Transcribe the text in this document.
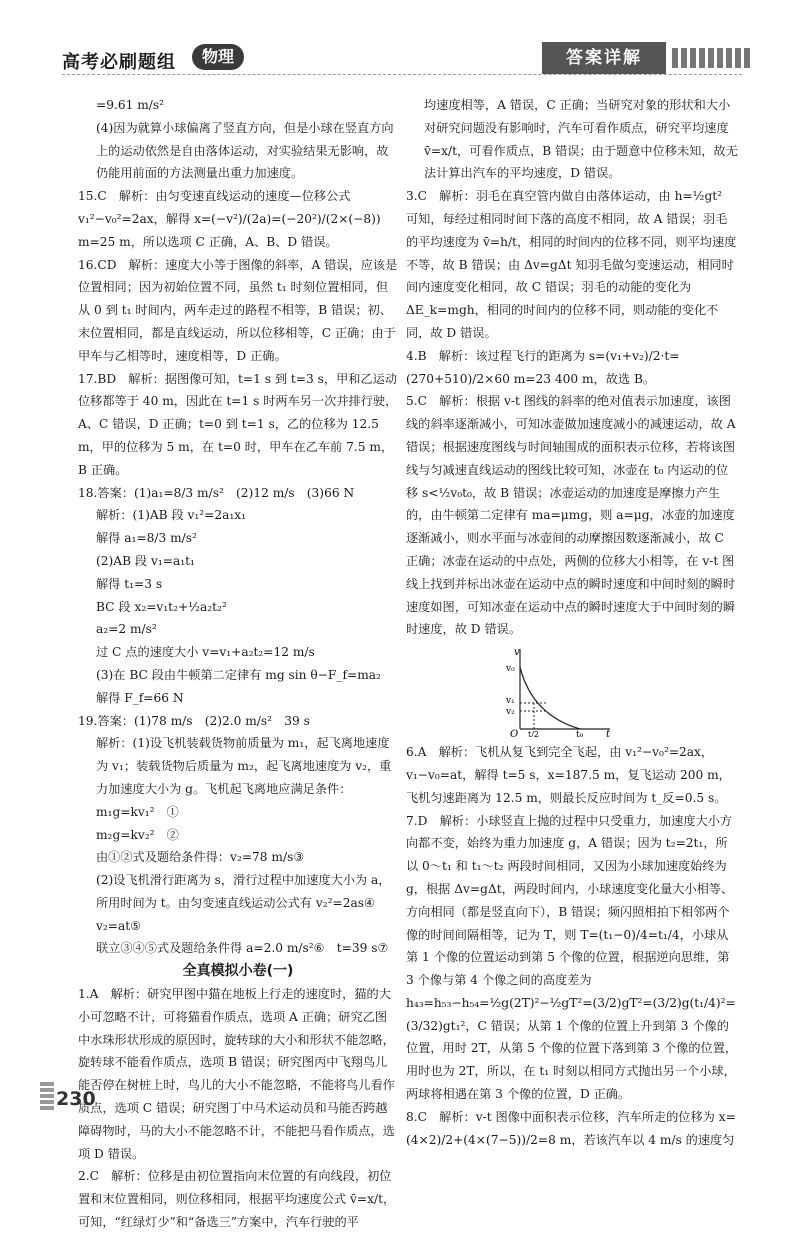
高考必刷题组	物理	答案详解

=9.61 m/s²

(4)因为就算小球偏离了竖直方向，但是小球在竖直方向上的运动依然是自由落体运动，对实验结果无影响，故仍能用前面的方法测量出重力加速度。

15.C　解析：由匀变速直线运动的速度—位移公式 v₁²−v₀²=2ax，解得 x=(−v²)/(2a)=(−20²)/(2×(−8)) m=25 m，所以选项 C 正确，A、B、D 错误。

16.CD　解析：速度大小等于图像的斜率，A 错误，应该是位置相同；因为初始位置不同，虽然 t₁ 时刻位置相同，但从 0 到 t₁ 时间内，两车走过的路程不相等，B 错误；初、末位置相同，都是直线运动，所以位移相等，C 正确；由于甲车与乙相等时，速度相等，D 正确。

17.BD　解析：据图像可知，t=1 s 到 t=3 s，甲和乙运动位移都等于 40 m，因此在 t=1 s 时两车另一次并排行驶，A、C 错误，D 正确；t=0 到 t=1 s，乙的位移为 12.5 m，甲的位移为 5 m，在 t=0 时，甲车在乙车前 7.5 m，B 正确。

18.答案：(1)a₁=8/3 m/s²　(2)12 m/s　(3)66 N

解析：(1)AB 段 v₁²=2a₁x₁

解得 a₁=8/3 m/s²

(2)AB 段 v₁=a₁t₁

解得 t₁=3 s

BC 段 x₂=v₁t₂+½a₂t₂²

a₂=2 m/s²

过 C 点的速度大小 v=v₁+a₂t₂=12 m/s

(3)在 BC 段由牛顿第二定律有 mg sin θ−F_f=ma₂

解得 F_f=66 N

19.答案：(1)78 m/s　(2)2.0 m/s²　39 s

解析：(1)设飞机装载货物前质量为 m₁，起飞离地速度为 v₁；装载货物后质量为 m₂，起飞离地速度为 v₂，重力加速度大小为 g。飞机起飞离地应满足条件：

m₁g=kv₁²　①

m₂g=kv₂²　②

由①②式及题给条件得：v₂=78 m/s③

(2)设飞机滑行距离为 s，滑行过程中加速度大小为 a，所用时间为 t。由匀变速直线运动公式有 v₂²=2as④

v₂=at⑤

联立③④⑤式及题给条件得 a=2.0 m/s²⑥　t=39 s⑦

全真模拟小卷(一)

1.A　解析：研究甲图中猫在地板上行走的速度时，猫的大小可忽略不计，可将猫看作质点，选项 A 正确；研究乙图中水珠形状形成的原因时，旋转球的大小和形状不能忽略，旋转球不能看作质点，选项 B 错误；研究图丙中飞翔鸟儿能否停在树桩上时，鸟儿的大小不能忽略，不能将鸟儿看作质点，选项 C 错误；研究图丁中马术运动员和马能否跨越障碍物时，马的大小不能忽略不计，不能把马看作质点，选项 D 错误。

2.C　解析：位移是由初位置指向末位置的有向线段，初位置和末位置相同，则位移相同，根据平均速度公式 v̄=x/t，可知，“红绿灯少”和“备选三”方案中，汽车行驶的平

均速度相等，A 错误，C 正确；当研究对象的形状和大小对研究问题没有影响时，汽车可看作质点，研究平均速度 v̄=x/t，可看作质点，B 错误；由于题意中位移未知，故无法计算出汽车的平均速度，D 错误。

3.C　解析：羽毛在真空管内做自由落体运动，由 h=½gt² 可知，每经过相同时间下落的高度不相同，故 A 错误；羽毛的平均速度为 v̄=h/t，相同的时间内的位移不同，则平均速度不等，故 B 错误；由 Δv=gΔt 知羽毛做匀变速运动，相同时间内速度变化相同，故 C 错误；羽毛的动能的变化为 ΔE_k=mgh，相同的时间内的位移不同，则动能的变化不同，故 D 错误。

4.B　解析：该过程飞行的距离为 s=(v₁+v₂)/2·t=(270+510)/2×60 m=23 400 m，故选 B。

5.C　解析：根据 v-t 图线的斜率的绝对值表示加速度，该图线的斜率逐渐减小，可知冰壶做加速度减小的减速运动，故 A 错误；根据速度图线与时间轴围成的面积表示位移，若将该图线与匀减速直线运动的图线比较可知，冰壶在 t₀ 内运动的位移 s<½v₀t₀，故 B 错误；冰壶运动的加速度是摩擦力产生的，由牛顿第二定律有 ma=μmg，则 a=μg，冰壶的加速度逐渐减小，则水平面与冰壶间的动摩擦因数逐渐减小，故 C 正确；冰壶在运动的中点处，两侧的位移大小相等，在 v-t 图线上找到并标出冰壶在运动中点的瞬时速度和中间时刻的瞬时速度如图，可知冰壶在运动中点的瞬时速度大于中间时刻的瞬时速度，故 D 错误。

v
t
O
v₀
v₁
v₂
t/2	t₀

6.A　解析：飞机从复飞到完全飞起，由 v₁²−v₀²=2ax，v₁−v₀=at，解得 t=5 s，x=187.5 m，复飞运动 200 m，飞机匀速距离为 12.5 m，则最长反应时间为 t_反=0.5 s。

7.D　解析：小球竖直上抛的过程中只受重力，加速度大小方向都不变，始终为重力加速度 g，A 错误；因为 t₂=2t₁，所以 0～t₁ 和 t₁～t₂ 两段时间相同，又因为小球加速度始终为 g，根据 Δv=gΔt，两段时间内，小球速度变化量大小相等、方向相同（都是竖直向下），B 错误；频闪照相拍下相邻两个像的时间间隔相等，记为 T，则 T=(t₁−0)/4=t₁/4，小球从第 1 个像的位置运动到第 5 个像的位置，根据逆向思维，第 3 个像与第 4 个像之间的高度差为 h₄₃=h₅₃−h₅₄=½g(2T)²−½gT²=(3/2)gT²=(3/2)g(t₁/4)²=(3/32)gt₁²，C 错误；从第 1 个像的位置上升到第 3 个像的位置，用时 2T，从第 5 个像的位置下落到第 3 个像的位置，用时也为 2T，所以，在 t₁ 时刻以相同方式抛出另一个小球，两球将相遇在第 3 个像的位置，D 正确。

8.C　解析：v-t 图像中面积表示位移，汽车所走的位移为 x=(4×2)/2+(4×(7−5))/2=8 m，若该汽车以 4 m/s 的速度匀

230
